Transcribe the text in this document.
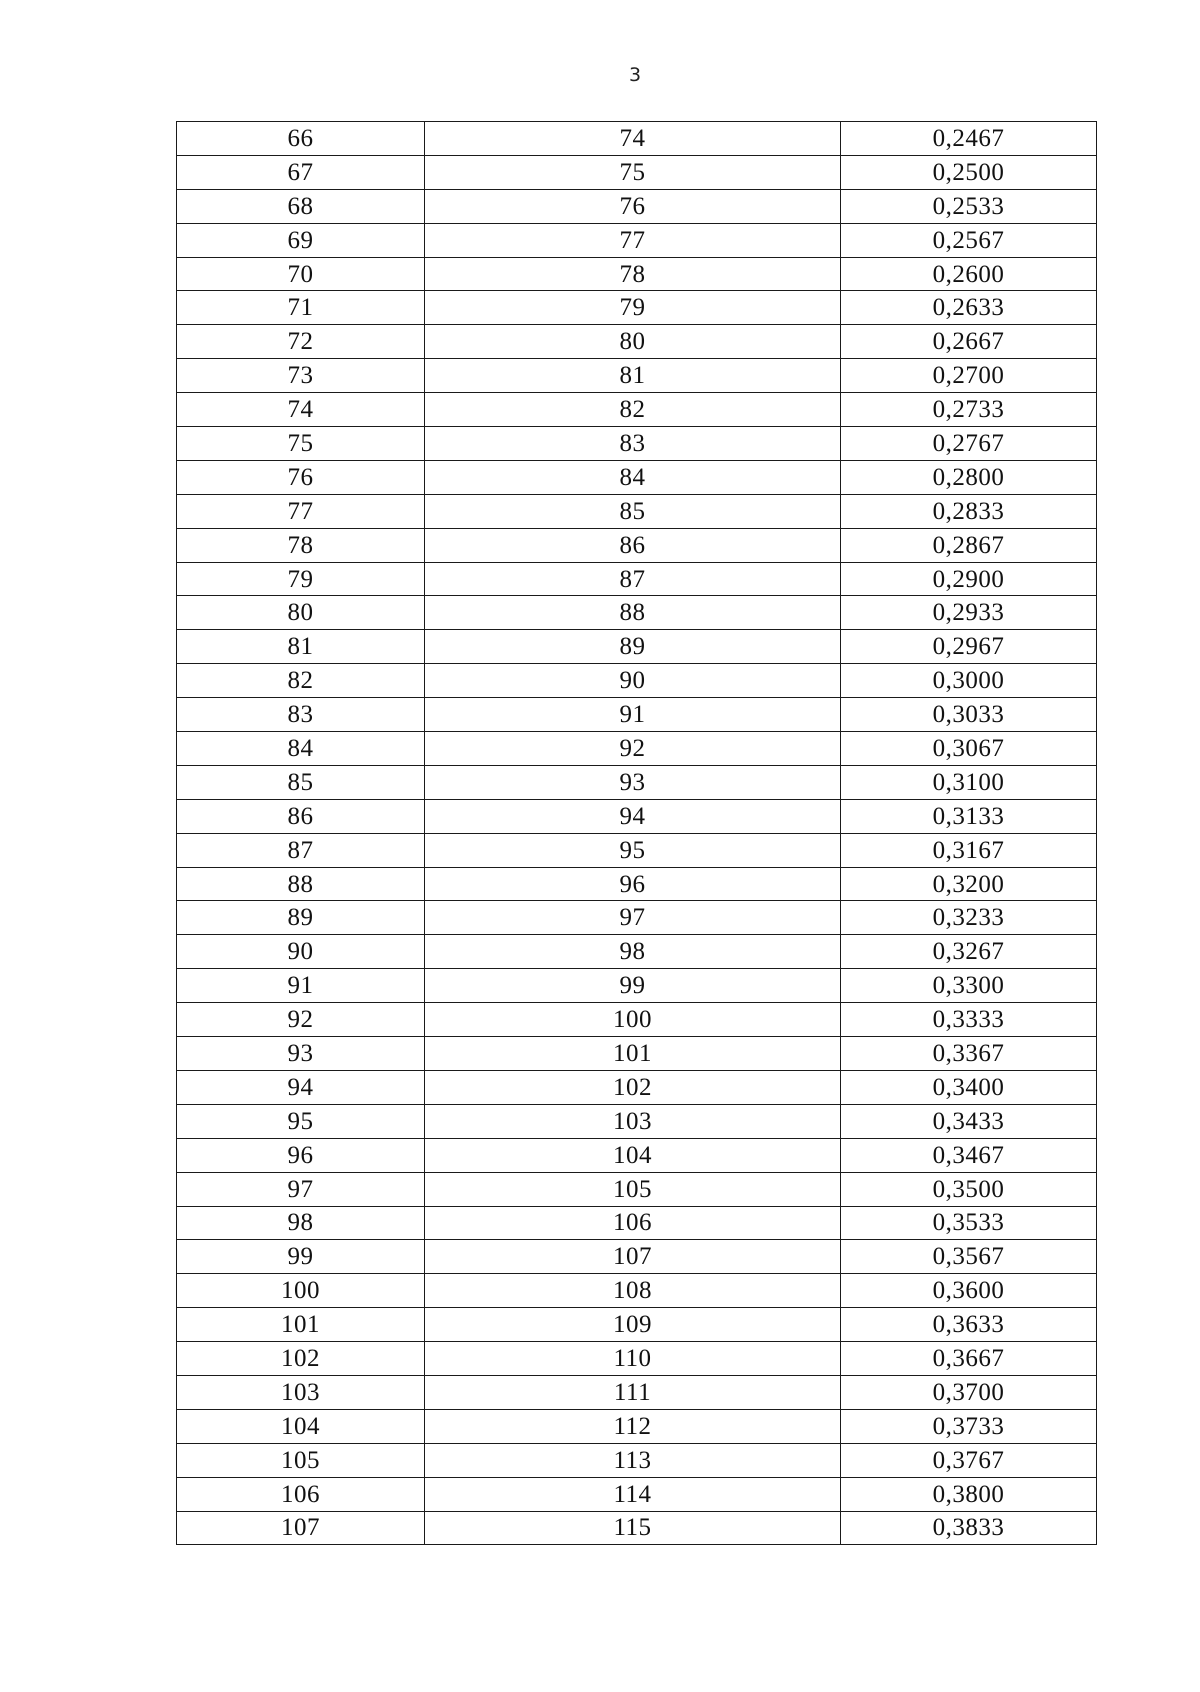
3
66	74	0,2467
67	75	0,2500
68	76	0,2533
69	77	0,2567
70	78	0,2600
71	79	0,2633
72	80	0,2667
73	81	0,2700
74	82	0,2733
75	83	0,2767
76	84	0,2800
77	85	0,2833
78	86	0,2867
79	87	0,2900
80	88	0,2933
81	89	0,2967
82	90	0,3000
83	91	0,3033
84	92	0,3067
85	93	0,3100
86	94	0,3133
87	95	0,3167
88	96	0,3200
89	97	0,3233
90	98	0,3267
91	99	0,3300
92	100	0,3333
93	101	0,3367
94	102	0,3400
95	103	0,3433
96	104	0,3467
97	105	0,3500
98	106	0,3533
99	107	0,3567
100	108	0,3600
101	109	0,3633
102	110	0,3667
103	111	0,3700
104	112	0,3733
105	113	0,3767
106	114	0,3800
107	115	0,3833
